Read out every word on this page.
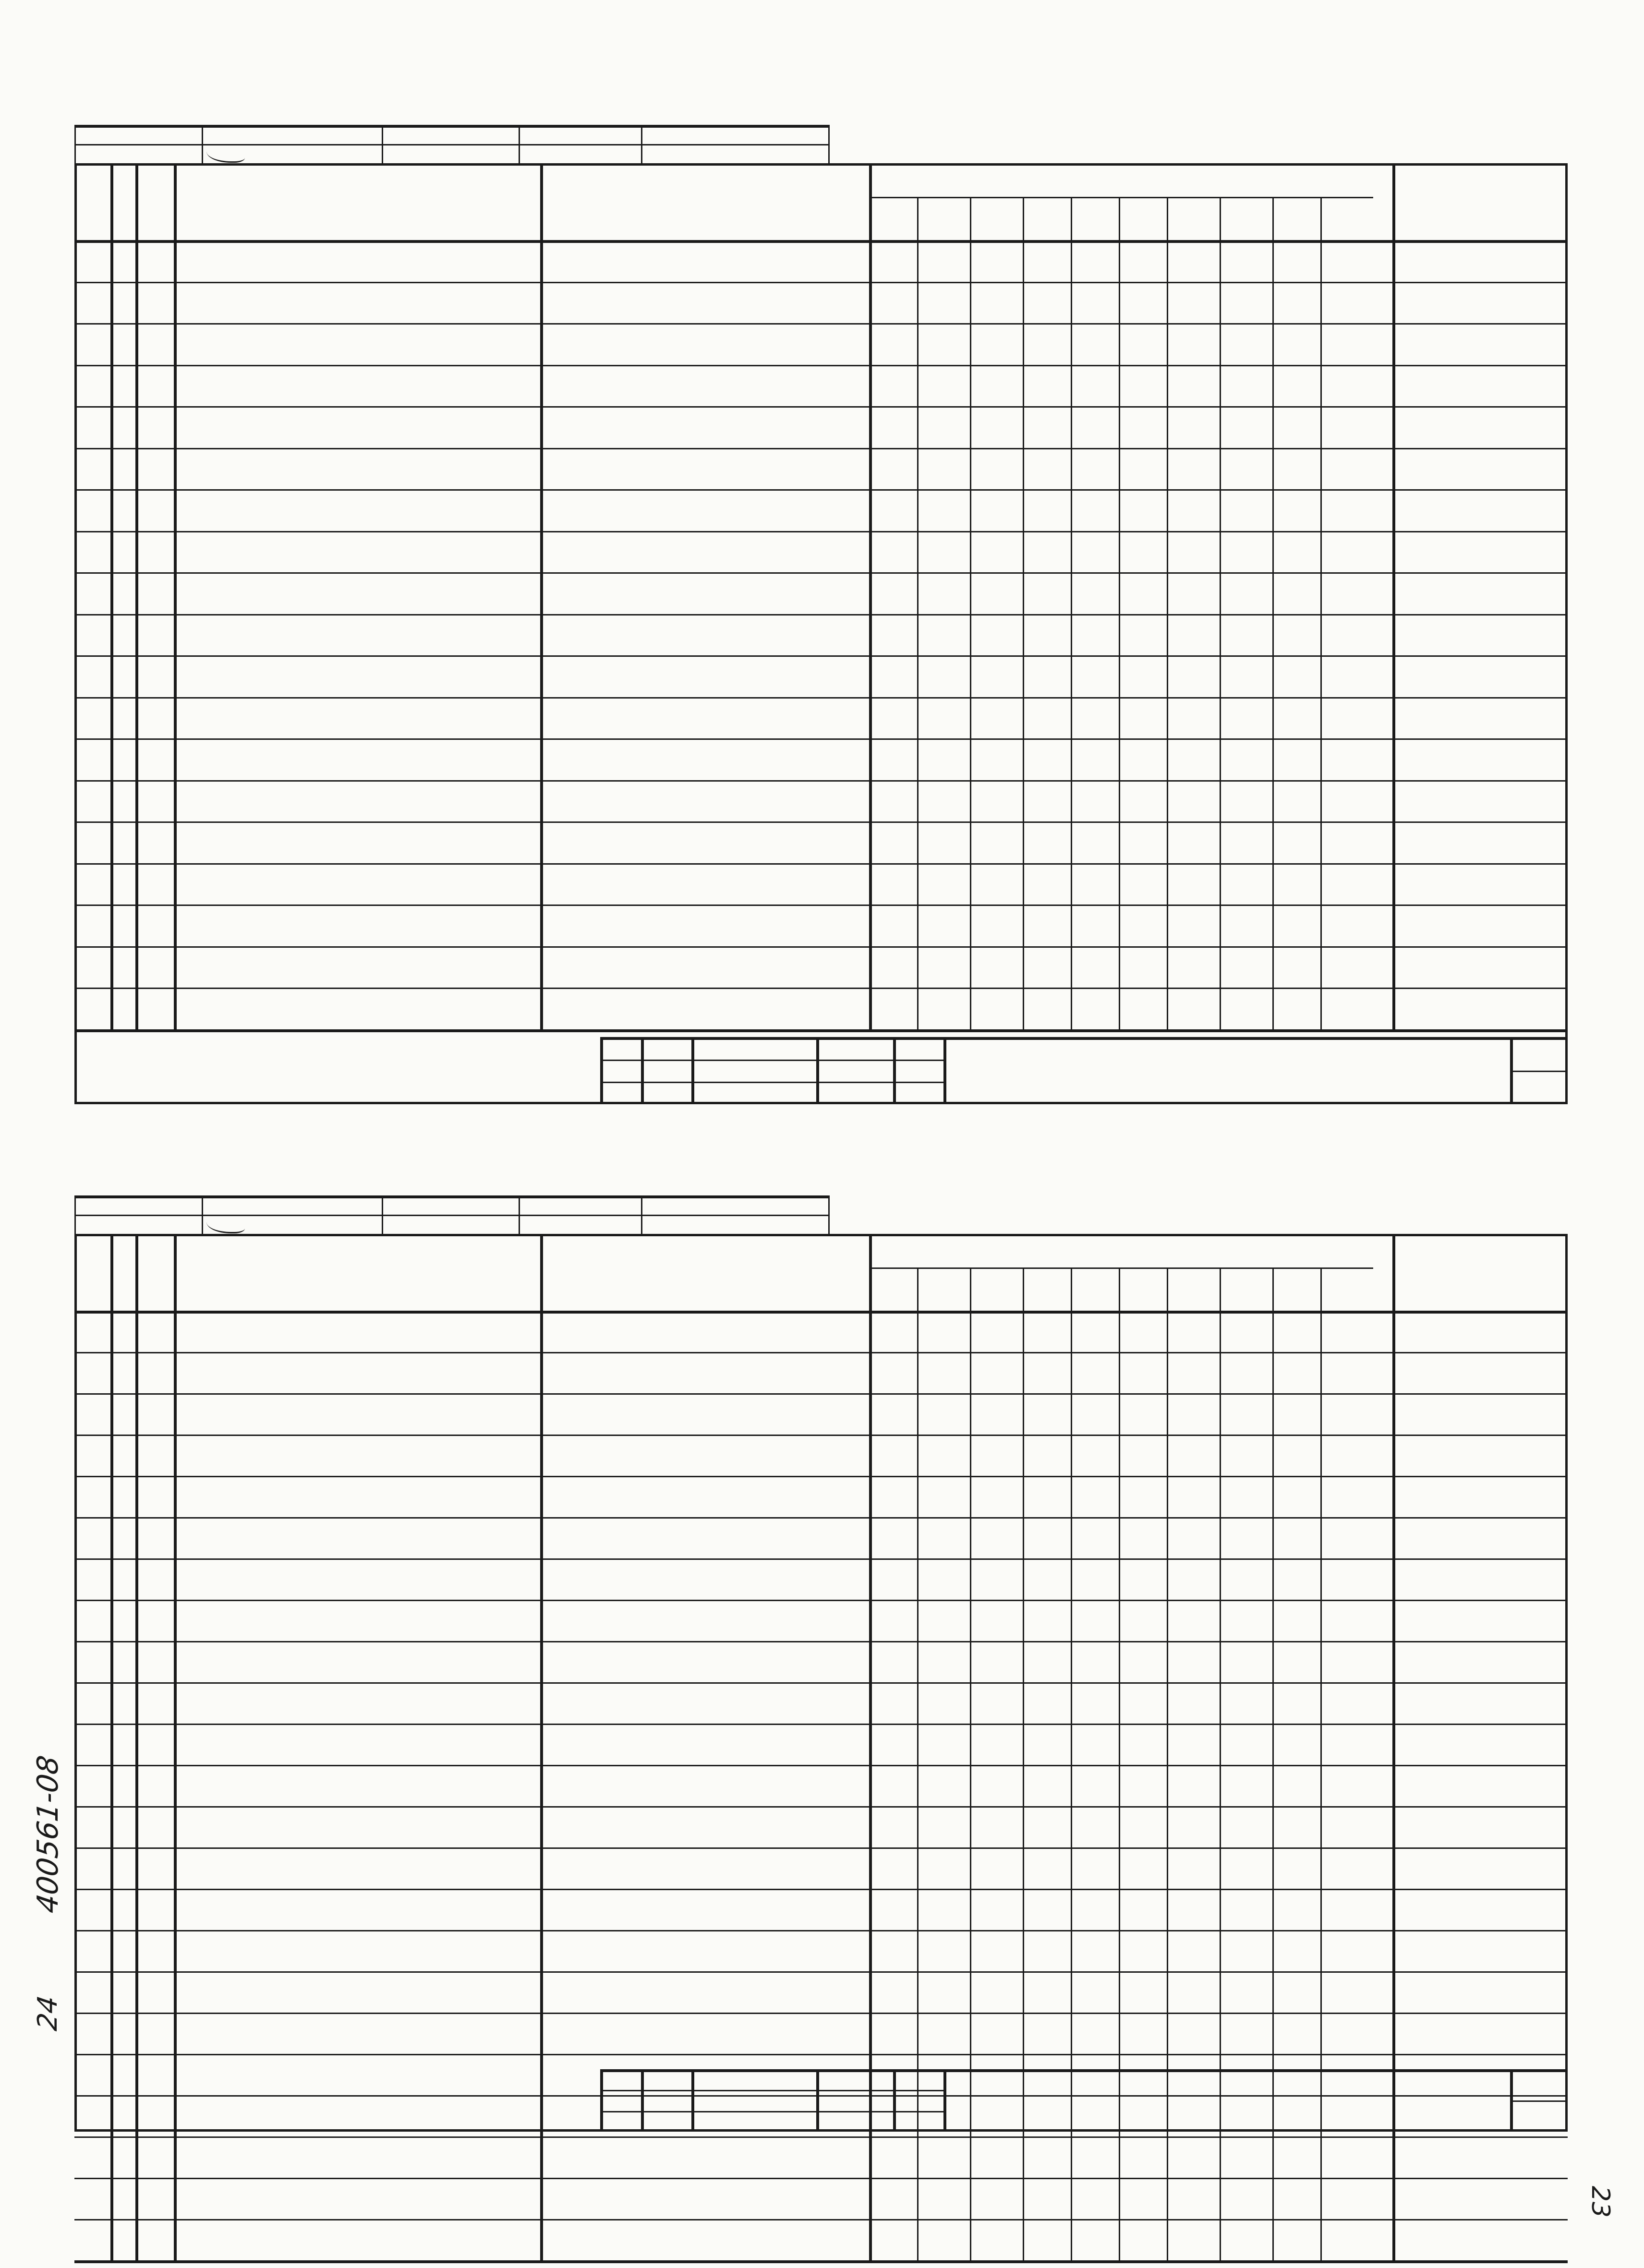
400561-08
24
23
